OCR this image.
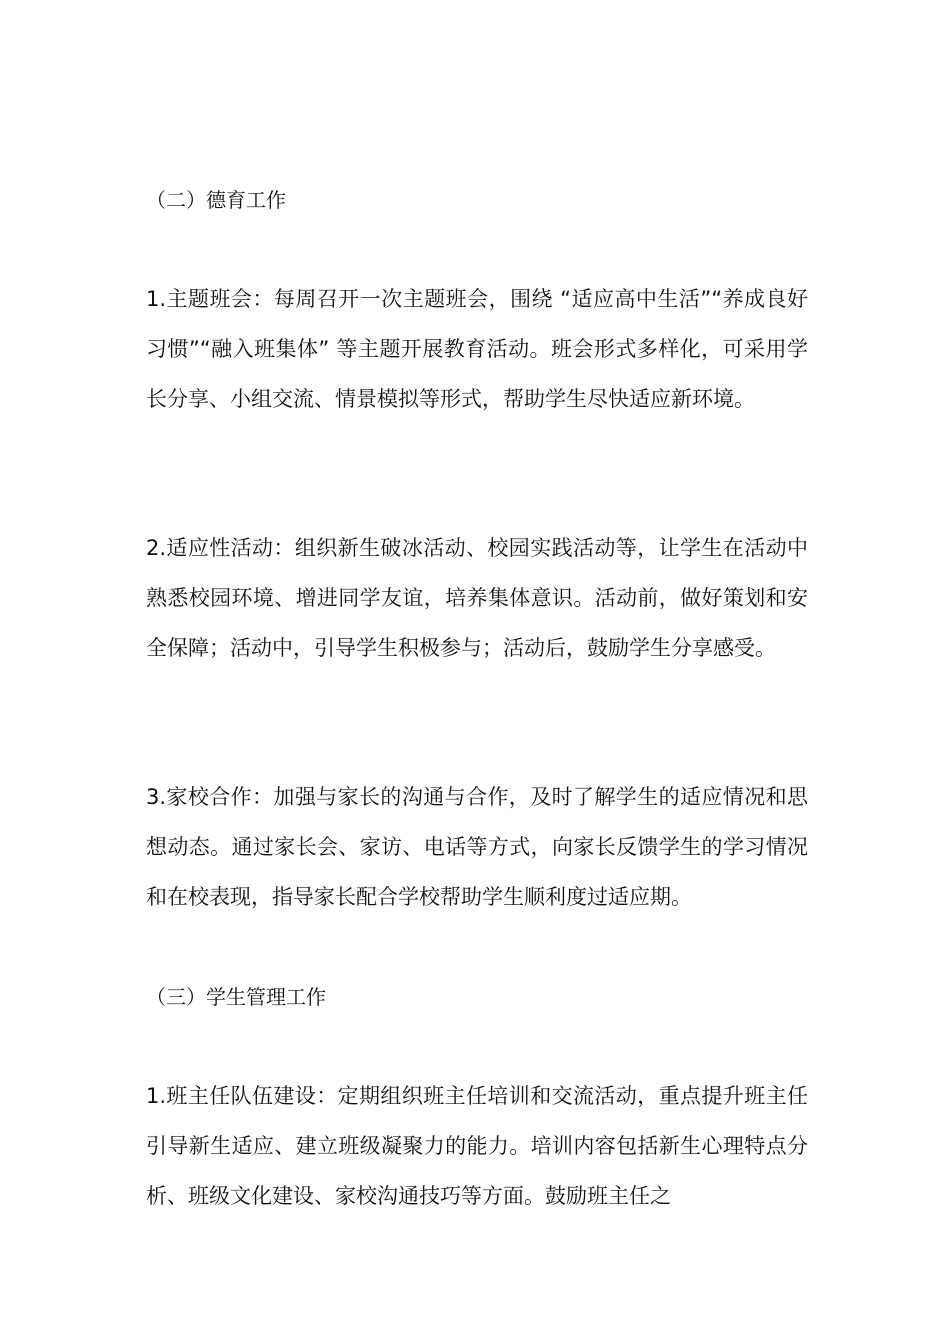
（二）德育工作

1.主题班会：每周召开一次主题班会，围绕 “适应高中生活”“养成良好习惯”“融入班集体” 等主题开展教育活动。班会形式多样化，可采用学长分享、小组交流、情景模拟等形式，帮助学生尽快适应新环境。

2.适应性活动：组织新生破冰活动、校园实践活动等，让学生在活动中熟悉校园环境、增进同学友谊，培养集体意识。活动前，做好策划和安全保障；活动中，引导学生积极参与；活动后，鼓励学生分享感受。

3.家校合作：加强与家长的沟通与合作，及时了解学生的适应情况和思想动态。通过家长会、家访、电话等方式，向家长反馈学生的学习情况和在校表现，指导家长配合学校帮助学生顺利度过适应期。

（三）学生管理工作

1.班主任队伍建设：定期组织班主任培训和交流活动，重点提升班主任引导新生适应、建立班级凝聚力的能力。培训内容包括新生心理特点分析、班级文化建设、家校沟通技巧等方面。鼓励班主任之
